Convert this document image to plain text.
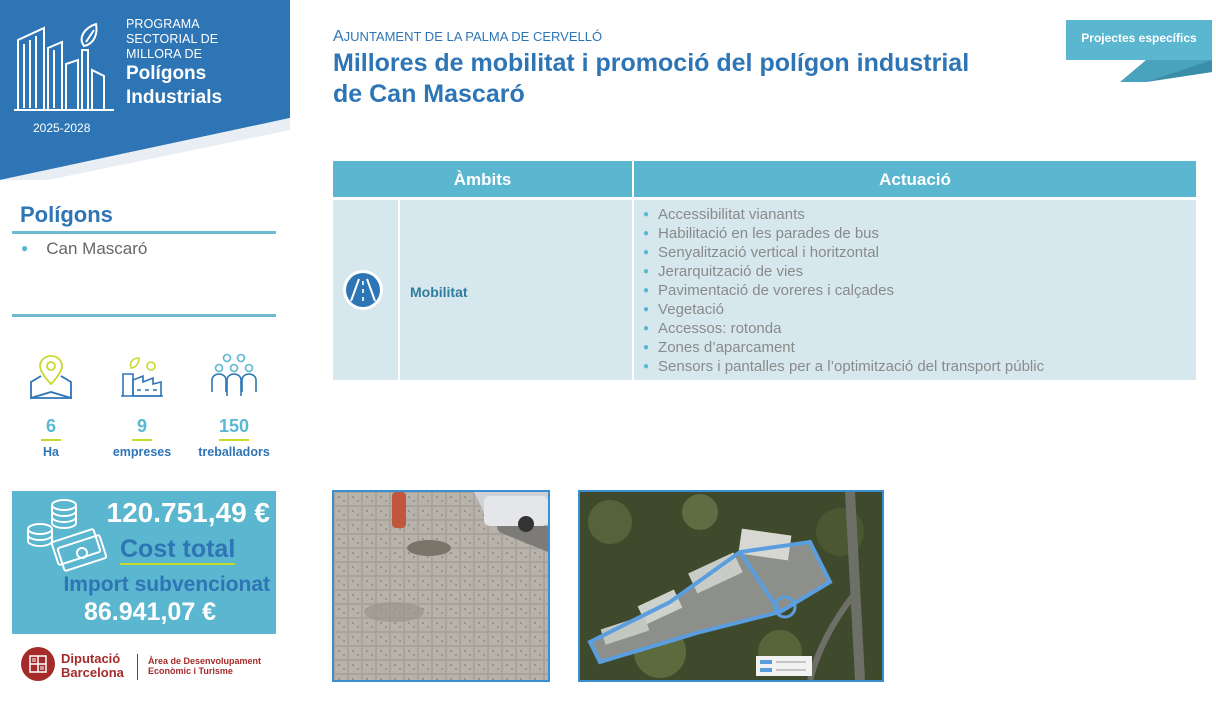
PROGRAMA
SECTORIAL DE
MILLORA DE
Polígons
Industrials
2025-2028
Polígons
● Can Mascaró
6
Ha
9
empreses
150
treballadors
120.751,49 €
Cost total
Import subvencionat
86.941,07 €
Diputació
Barcelona
Àrea de Desenvolupament
Econòmic i Turisme
AJUNTAMENT DE LA PALMA DE CERVELLÓ
Millores de mobilitat i promoció del polígon industrial
de Can Mascaró
Projectes específics
Àmbits	Actuació
Mobilitat
● Accessibilitat vianants
● Habilitació en les parades de bus
● Senyalització vertical i horitzontal
● Jerarquització de vies
● Pavimentació de voreres i calçades
● Vegetació
● Accessos: rotonda
● Zones d’aparcament
● Sensors i pantalles per a l’optimització del transport públic
